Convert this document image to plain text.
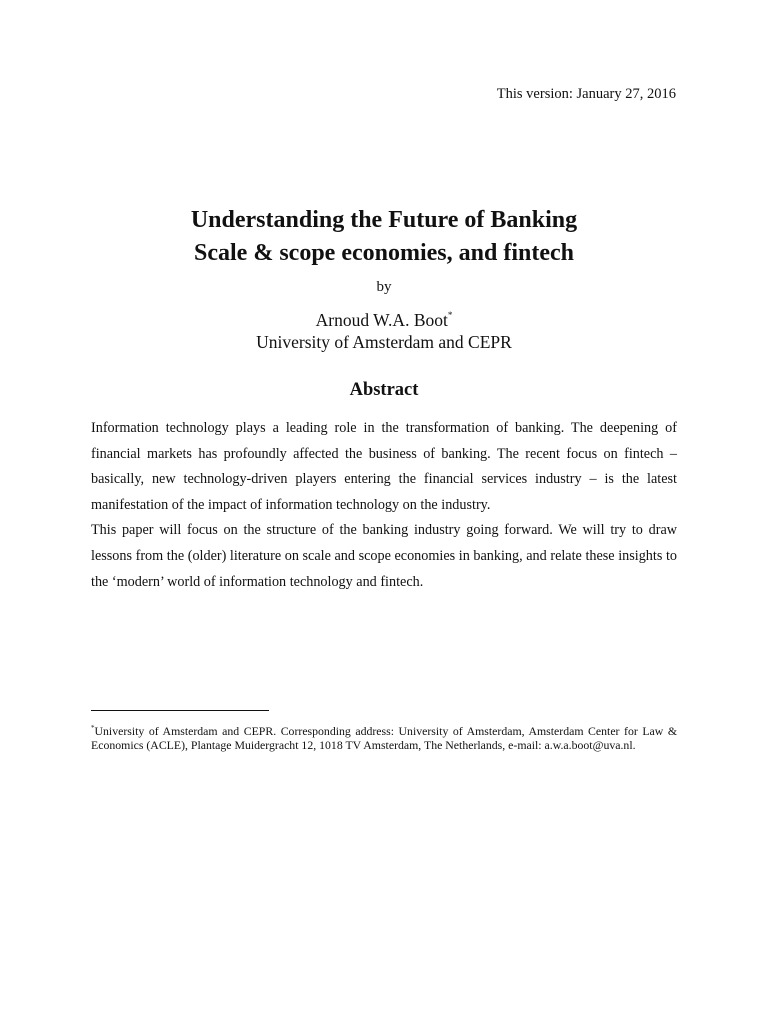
This version: January 27, 2016

Understanding the Future of Banking
Scale & scope economies, and fintech
by
Arnoud W.A. Boot*
University of Amsterdam and CEPR
Abstract

Information technology plays a leading role in the transformation of banking. The deepening of financial markets has profoundly affected the business of banking. The recent focus on fintech – basically, new technology-driven players entering the financial services industry – is the latest manifestation of the impact of information technology on the industry.

This paper will focus on the structure of the banking industry going forward. We will try to draw lessons from the (older) literature on scale and scope economies in banking, and relate these insights to the ‘modern’ world of information technology and fintech.

*University of Amsterdam and CEPR. Corresponding address: University of Amsterdam, Amsterdam Center for Law & Economics (ACLE), Plantage Muidergracht 12, 1018 TV Amsterdam, The Netherlands, e-mail: a.w.a.boot@uva.nl.
